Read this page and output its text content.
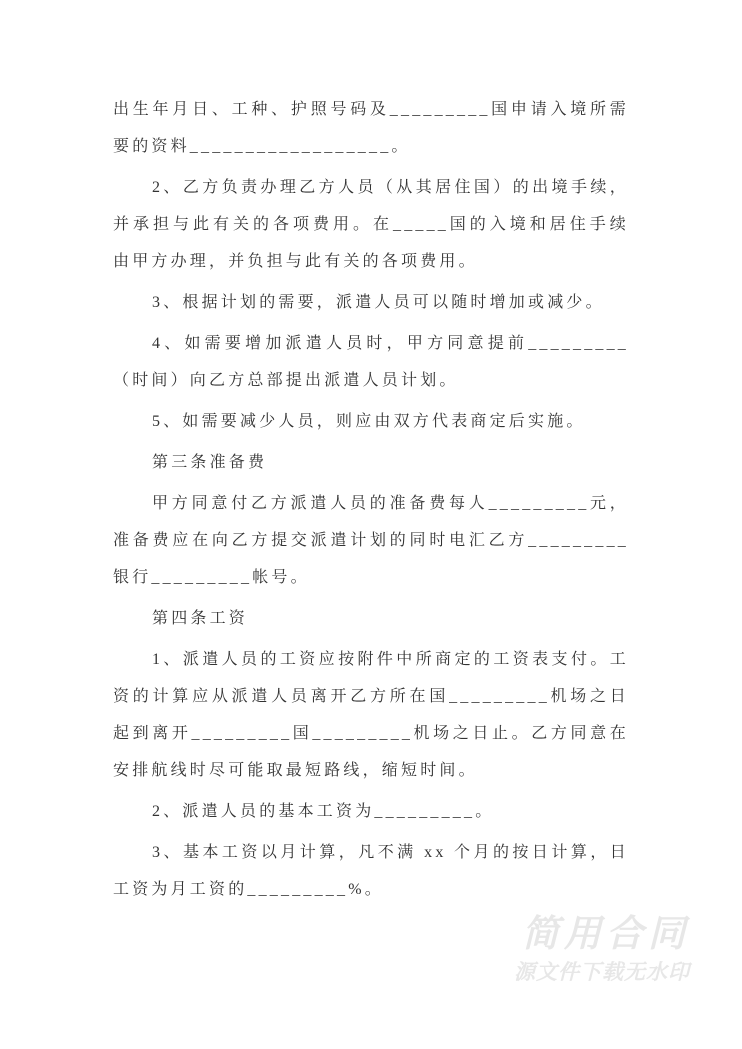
出生年月日、工种、护照号码及_________国申请入境所需要的资料__________________。

2、乙方负责办理乙方人员（从其居住国）的出境手续，并承担与此有关的各项费用。在_____国的入境和居住手续由甲方办理，并负担与此有关的各项费用。

3、根据计划的需要，派遣人员可以随时增加或减少。

4、如需要增加派遣人员时，甲方同意提前_________（时间）向乙方总部提出派遣人员计划。

5、如需要减少人员，则应由双方代表商定后实施。

第三条准备费

甲方同意付乙方派遣人员的准备费每人_________元，准备费应在向乙方提交派遣计划的同时电汇乙方_________银行_________帐号。

第四条工资

1、派遣人员的工资应按附件中所商定的工资表支付。工资的计算应从派遣人员离开乙方所在国_________机场之日起到离开_________国_________机场之日止。乙方同意在安排航线时尽可能取最短路线，缩短时间。

2、派遣人员的基本工资为_________。

3、基本工资以月计算，凡不满 xx 个月的按日计算，日工资为月工资的_________%。

简用合同
源文件下载无水印
